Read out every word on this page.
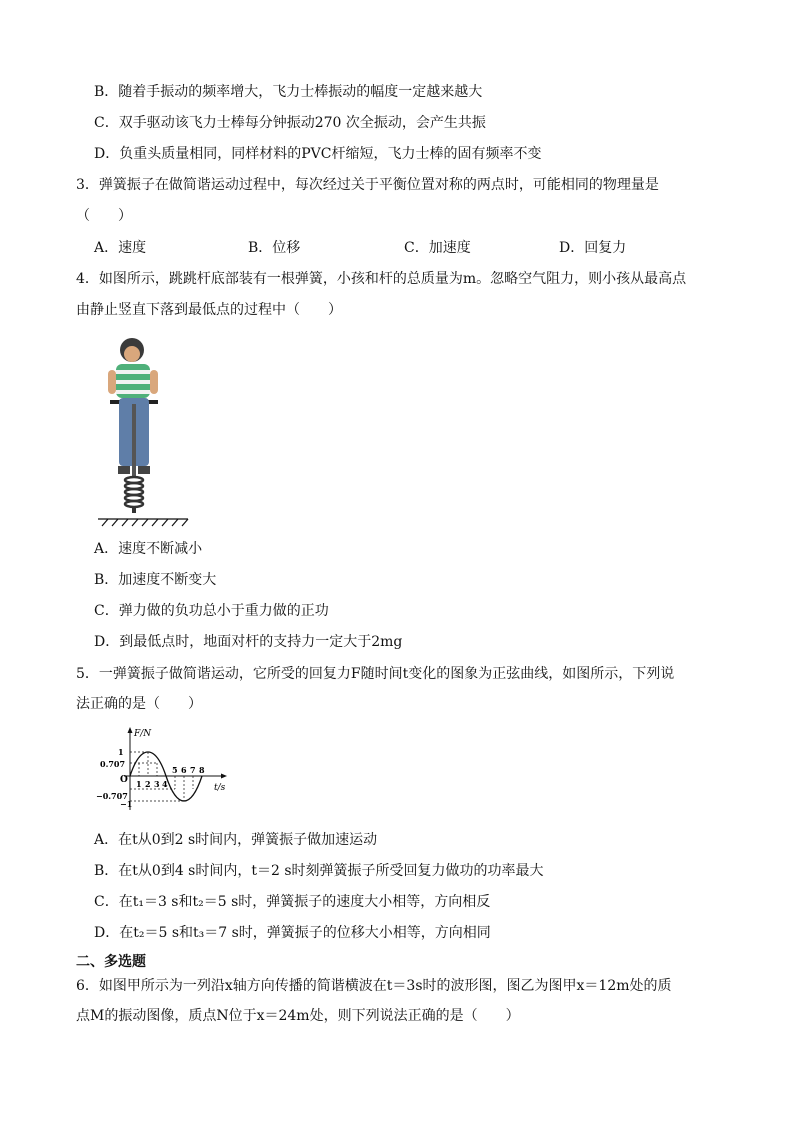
B．随着手振动的频率增大，飞力士棒振动的幅度一定越来越大
C．双手驱动该飞力士棒每分钟振动270 次全振动，会产生共振
D．负重头质量相同，同样材料的PVC杆缩短，飞力士棒的固有频率不变
3．弹簧振子在做简谐运动过程中，每次经过关于平衡位置对称的两点时，可能相同的物理量是
（　　）
A．速度	B．位移	C．加速度	D．回复力
4．如图所示，跳跳杆底部装有一根弹簧，小孩和杆的总质量为m。忽略空气阻力，则小孩从最高点
由静止竖直下落到最低点的过程中（　　）
A．速度不断减小
B．加速度不断变大
C．弹力做的负功总小于重力做的正功
D．到最低点时，地面对杆的支持力一定大于2mg
5．一弹簧振子做简谐运动，它所受的回复力F随时间t变化的图象为正弦曲线，如图所示，下列说
法正确的是（　　）
F/N
t/s
O
1
0.707
−0.707
−1
1 2 3 4
5 6 7 8
A．在t从0到2 s时间内，弹簧振子做加速运动
B．在t从0到4 s时间内，t＝2 s时刻弹簧振子所受回复力做功的功率最大
C．在t₁＝3 s和t₂＝5 s时，弹簧振子的速度大小相等，方向相反
D．在t₂＝5 s和t₃＝7 s时，弹簧振子的位移大小相等，方向相同
二、多选题
6．如图甲所示为一列沿x轴方向传播的简谐横波在t＝3s时的波形图，图乙为图甲x＝12m处的质
点M的振动图像，质点N位于x＝24m处，则下列说法正确的是（　　）
